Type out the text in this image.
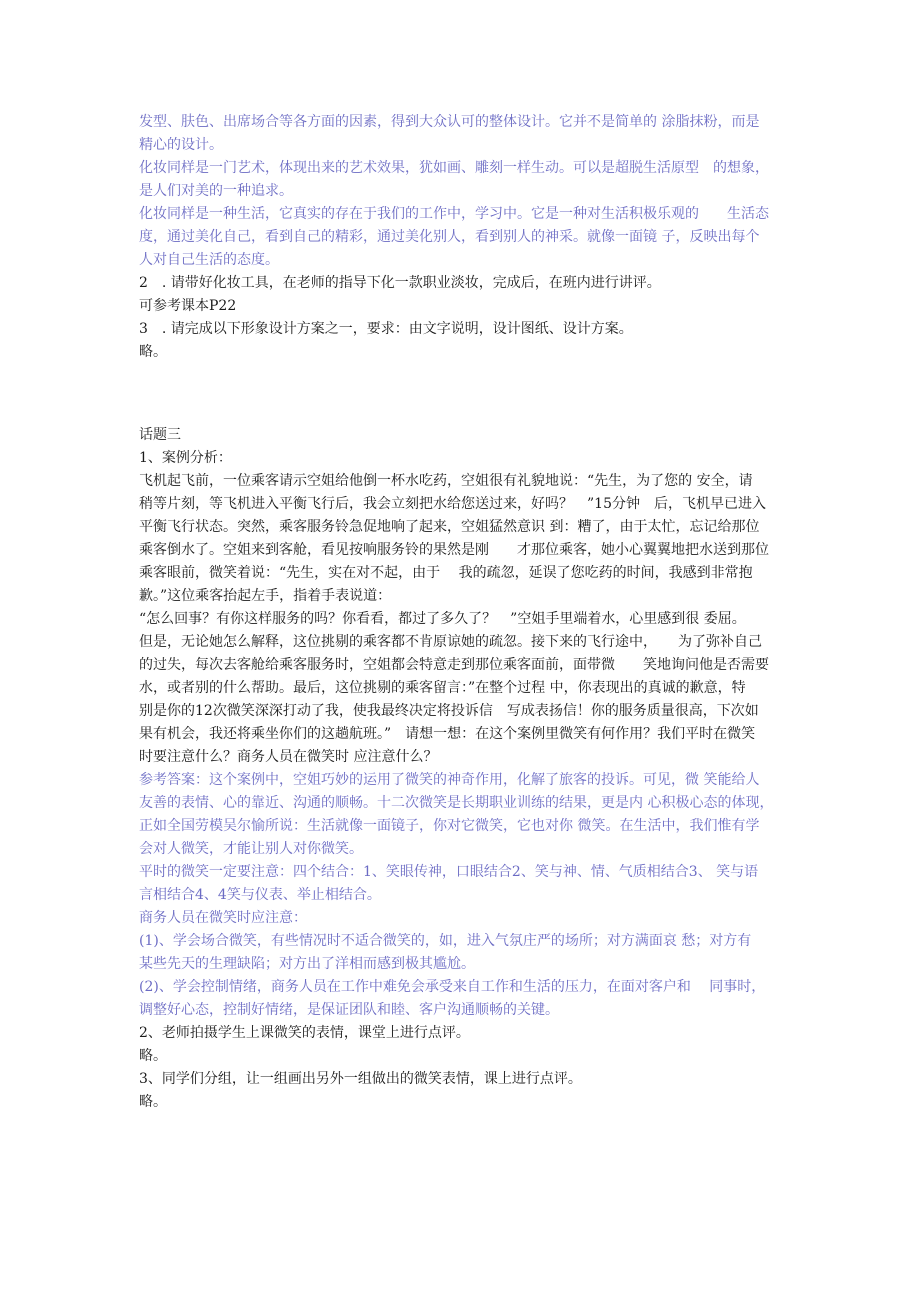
发型、肤色、出席场合等各方面的因素，得到大众认可的整体设计。它并不是简单的 涂脂抹粉，而是
精心的设计。
化妆同样是一门艺术，体现出来的艺术效果，犹如画、雕刻一样生动。可以是超脱生活原型　的想象，
是人们对美的一种追求。
化妆同样是一种生活，它真实的存在于我们的工作中，学习中。它是一种对生活积极乐观的　　生活态
度，通过美化自己，看到自己的精彩，通过美化别人，看到别人的神采。就像一面镜 子，反映出每个
人对自己生活的态度。
2　. 请带好化妆工具，在老师的指导下化一款职业淡妆，完成后，在班内进行讲评。
可参考课本P22
3　. 请完成以下形象设计方案之一，要求：由文字说明，设计图纸、设计方案。
略。
话题三
1、案例分析：
飞机起飞前，一位乘客请示空姐给他倒一杯水吃药，空姐很有礼貌地说：“先生，为了您的 安全，请
稍等片刻，等飞机进入平衡飞行后，我会立刻把水给您送过来，好吗？　”15分钟　后，飞机早已进入
平衡飞行状态。突然，乘客服务铃急促地响了起来，空姐猛然意识 到：糟了，由于太忙，忘记给那位
乘客倒水了。空姐来到客舱，看见按响服务铃的果然是刚　　才那位乘客，她小心翼翼地把水送到那位
乘客眼前，微笑着说：“先生，实在对不起，由于　 我的疏忽，延误了您吃药的时间，我感到非常抱
歉。”这位乘客抬起左手，指着手表说道：
“怎么回事？有你这样服务的吗？你看看，都过了多久了？　”空姐手里端着水，心里感到很 委屈。
但是，无论她怎么解释，这位挑剔的乘客都不肯原谅她的疏忽。接下来的飞行途中，　　为了弥补自己
的过失，每次去客舱给乘客服务时，空姐都会特意走到那位乘客面前，面带微　　笑地询问他是否需要
水，或者别的什么帮助。最后，这位挑剔的乘客留言：”在整个过程 中，你表现出的真诚的歉意，特
别是你的12次微笑深深打动了我，使我最终决定将投诉信　写成表扬信！你的服务质量很高，下次如
果有机会，我还将乘坐你们的这趟航班。”　请想一想：在这个案例里微笑有何作用？我们平时在微笑
时要注意什么？商务人员在微笑时 应注意什么？
参考答案：这个案例中，空姐巧妙的运用了微笑的神奇作用，化解了旅客的投诉。可见，微 笑能给人
友善的表情、心的靠近、沟通的顺畅。十二次微笑是长期职业训练的结果，更是内 心积极心态的体现，
正如全国劳模吴尔愉所说：生活就像一面镜子，你对它微笑，它也对你 微笑。在生活中，我们惟有学
会对人微笑，才能让别人对你微笑。
平时的微笑一定要注意：四个结合：1、笑眼传神，口眼结合2、笑与神、情、气质相结合3、 笑与语
言相结合4、4笑与仪表、举止相结合。
商务人员在微笑时应注意：
(1)、学会场合微笑，有些情况时不适合微笑的，如，进入气氛庄严的场所；对方满面哀 愁；对方有
某些先天的生理缺陷；对方出了洋相而感到极其尴尬。
(2)、学会控制情绪，商务人员在工作中难免会承受来自工作和生活的压力，在面对客户和　 同事时，
调整好心态，控制好情绪，是保证团队和睦、客户沟通顺畅的关键。
2、老师拍摄学生上课微笑的表情，课堂上进行点评。
略。
3、同学们分组，让一组画出另外一组做出的微笑表情，课上进行点评。
略。
